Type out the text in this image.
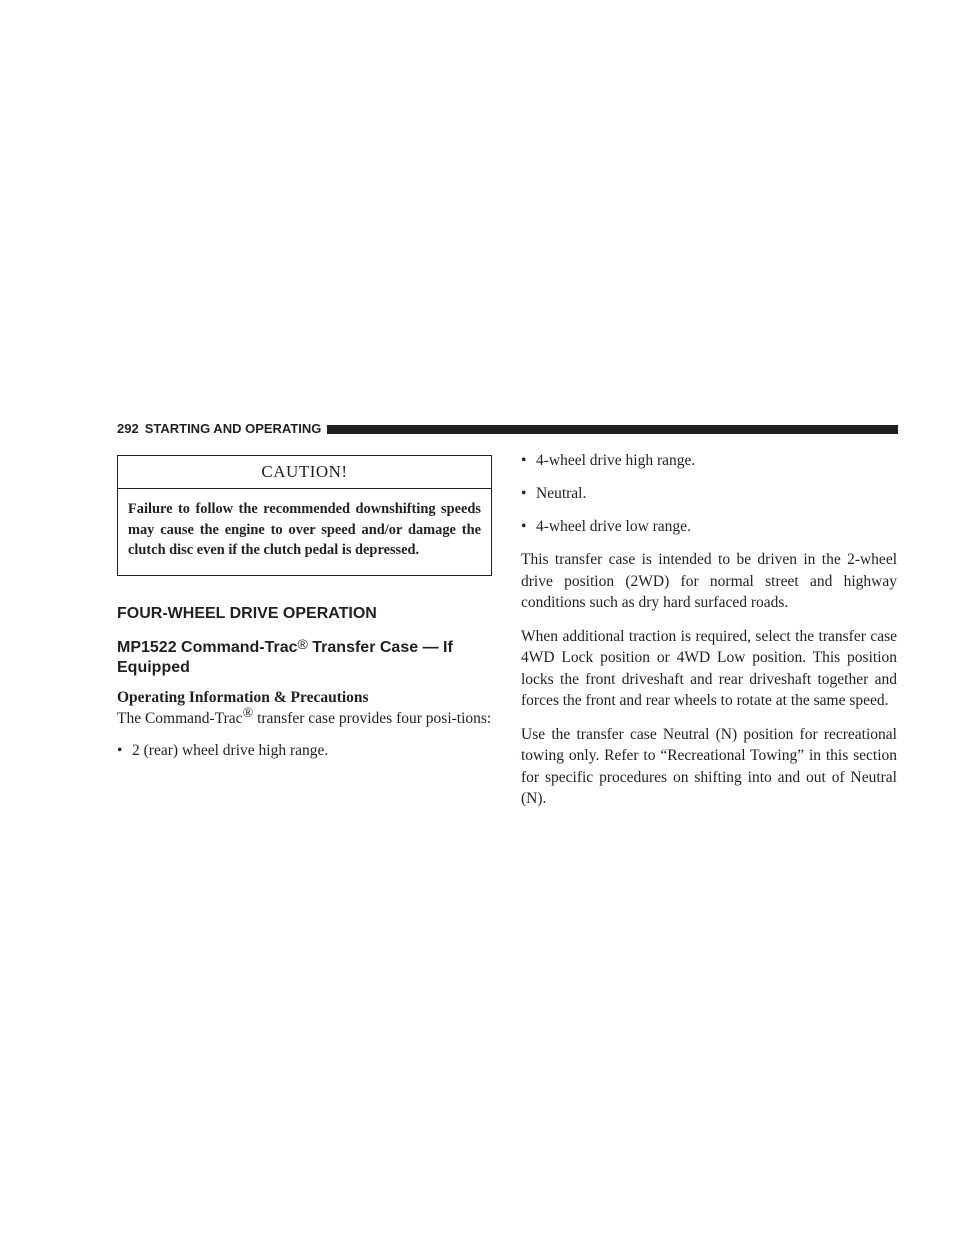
292 STARTING AND OPERATING
CAUTION!
Failure to follow the recommended downshifting speeds may cause the engine to over speed and/or damage the clutch disc even if the clutch pedal is depressed.

FOUR-WHEEL DRIVE OPERATION

MP1522 Command-Trac® Transfer Case — If Equipped

Operating Information & Precautions

The Command-Trac® transfer case provides four posi-tions:

• 2 (rear) wheel drive high range.

• 4-wheel drive high range.

• Neutral.

• 4-wheel drive low range.

This transfer case is intended to be driven in the 2-wheel drive position (2WD) for normal street and highway conditions such as dry hard surfaced roads.

When additional traction is required, select the transfer case 4WD Lock position or 4WD Low position. This position locks the front driveshaft and rear driveshaft together and forces the front and rear wheels to rotate at the same speed.

Use the transfer case Neutral (N) position for recreational towing only. Refer to “Recreational Towing” in this section for specific procedures on shifting into and out of Neutral (N).
